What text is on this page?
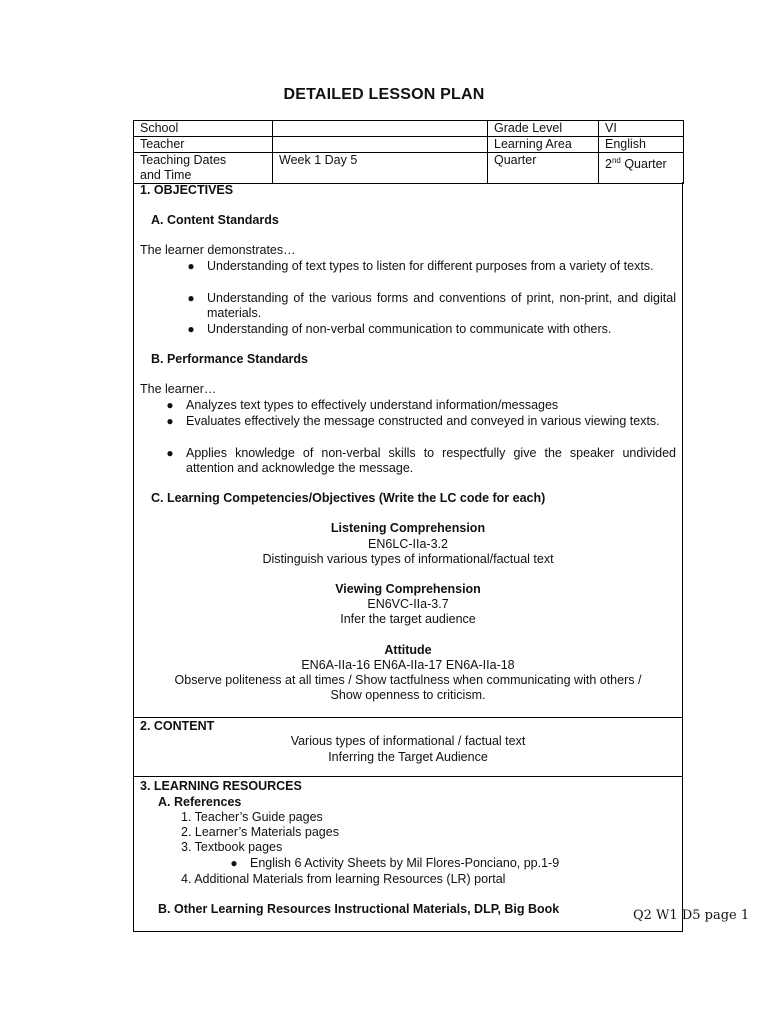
DETAILED LESSON PLAN
School		Grade Level	VI
Teacher		Learning Area	English

Teaching Dates
and Time	Week 1 Day 5	Quarter	2nd Quarter
1. OBJECTIVES
A. Content Standards
The learner demonstrates…
● Understanding of text types to listen for different purposes from a variety of texts.
● Understanding of the various forms and conventions of print, non-print, and digital materials.
● Understanding of non-verbal communication to communicate with others.
B. Performance Standards
The learner…
● Analyzes text types to effectively understand information/messages
● Evaluates effectively the message constructed and conveyed in various viewing texts.
● Applies knowledge of non-verbal skills to respectfully give the speaker undivided attention and acknowledge the message.
C. Learning Competencies/Objectives (Write the LC code for each)
Listening Comprehension
EN6LC-IIa-3.2
Distinguish various types of informational/factual text
Viewing Comprehension
EN6VC-IIa-3.7
Infer the target audience
Attitude
EN6A-IIa-16 EN6A-IIa-17 EN6A-IIa-18
Observe politeness at all times / Show tactfulness when communicating with others /
Show openness to criticism.
2. CONTENT
Various types of informational / factual text
Inferring the Target Audience
3. LEARNING RESOURCES
A. References
1. Teacher’s Guide pages
2. Learner’s Materials pages
3. Textbook pages
● English 6 Activity Sheets by Mil Flores-Ponciano, pp.1-9
4. Additional Materials from learning Resources (LR) portal
B. Other Learning Resources Instructional Materials, DLP, Big Book	Q2 W1 D5 page 1
